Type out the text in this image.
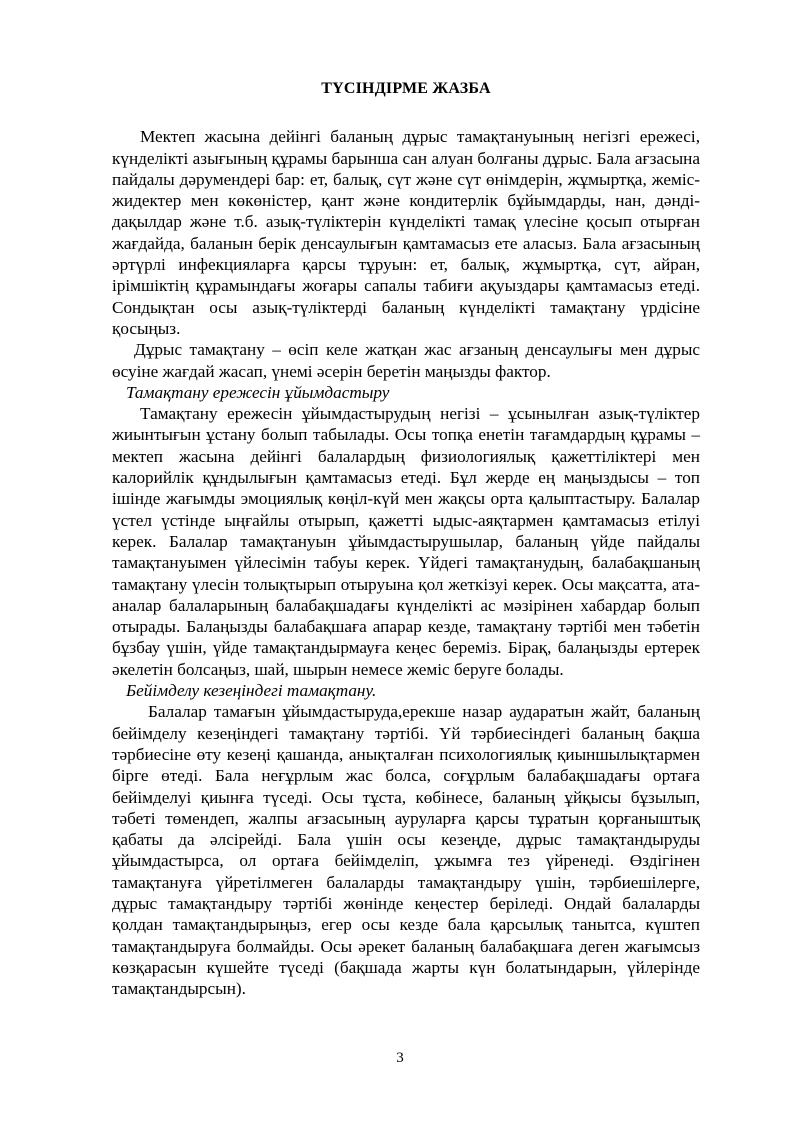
ТҮСІНДІРМЕ ЖАЗБА

Мектеп жасына дейінгі баланың дұрыс тамақтануының негізгі ережесі, күнделікті азығының құрамы барынша сан алуан болғаны дұрыс. Бала ағзасына пайдалы дәрумендері бар: ет, балық, сүт және сүт өнімдерін, жұмыртқа, жеміс-жидектер мен көкөністер, қант және кондитерлік бұйымдарды, нан, дәнді-дақылдар және т.б. азық-түліктерін күнделікті тамақ үлесіне қосып отырған жағдайда, баланын берік денсаулығын қамтамасыз ете аласыз. Бала ағзасының әртүрлі инфекцияларға қарсы тұруын: ет, балық, жұмыртқа, сүт, айран, ірімшіктің құрамындағы жоғары сапалы табиғи ақуыздары қамтамасыз етеді. Сондықтан осы азық-түліктерді баланың күнделікті тамақтану үрдісіне қосыңыз.

Дұрыс тамақтану – өсіп келе жатқан жас ағзаның денсаулығы мен дұрыс өсуіне жағдай жасап, үнемі әсерін беретін маңызды фактор.

Тамақтану ережесін ұйымдастыру

Тамақтану ережесін ұйымдастырудың негізі – ұсынылған азық-түліктер жиынтығын ұстану болып табылады. Осы топқа енетін тағамдардың құрамы – мектеп жасына дейінгі балалардың физиологиялық қажеттіліктері мен калорийлік құндылығын қамтамасыз етеді. Бұл жерде ең маңыздысы – топ ішінде жағымды эмоциялық көңіл-күй мен жақсы орта қалыптастыру. Балалар үстел үстінде ыңғайлы отырып, қажетті ыдыс-аяқтармен қамтамасыз етілуі керек. Балалар тамақтануын ұйымдастырушылар, баланың үйде пайдалы тамақтануымен үйлесімін табуы керек. Үйдегі тамақтанудың, балабақшаның тамақтану үлесін толықтырып отыруына қол жеткізуі керек. Осы мақсатта, ата-аналар балаларының балабақшадағы күнделікті ас мәзірінен хабардар болып отырады. Балаңызды балабақшаға апарар кезде, тамақтану тәртібі мен тәбетін бұзбау үшін, үйде тамақтандырмауға кеңес береміз. Бірақ, балаңызды ертерек әкелетін болсаңыз, шай, шырын немесе жеміс беруге болады.

Бейімделу кезеңіндегі тамақтану.

Балалар тамағын ұйымдастыруда,ерекше назар аударатын жайт, баланың бейімделу кезеңіндегі тамақтану тәртібі. Үй тәрбиесіндегі баланың бақша тәрбиесіне өту кезеңі қашанда, анықталған психологиялық қиыншылықтармен бірге өтеді. Бала неғұрлым жас болса, соғұрлым балабақшадағы ортаға бейімделуі қиынға түседі. Осы тұста, көбінесе, баланың ұйқысы бұзылып, тәбеті төмендеп, жалпы ағзасының ауруларға қарсы тұратын қорғаныштық қабаты да әлсірейді. Бала үшін осы кезеңде, дұрыс тамақтандыруды ұйымдастырса, ол ортаға бейімделіп, ұжымға тез үйренеді. Өздігінен тамақтануға үйретілмеген балаларды тамақтандыру үшін, тәрбиешілерге, дұрыс тамақтандыру тәртібі жөнінде кеңестер беріледі. Ондай балаларды қолдан тамақтандырыңыз, егер осы кезде бала қарсылық танытса, күштеп тамақтандыруға болмайды. Осы әрекет баланың балабақшаға деген жағымсыз көзқарасын күшейте түседі (бақшада жарты күн болатындарын, үйлерінде тамақтандырсын).

3
